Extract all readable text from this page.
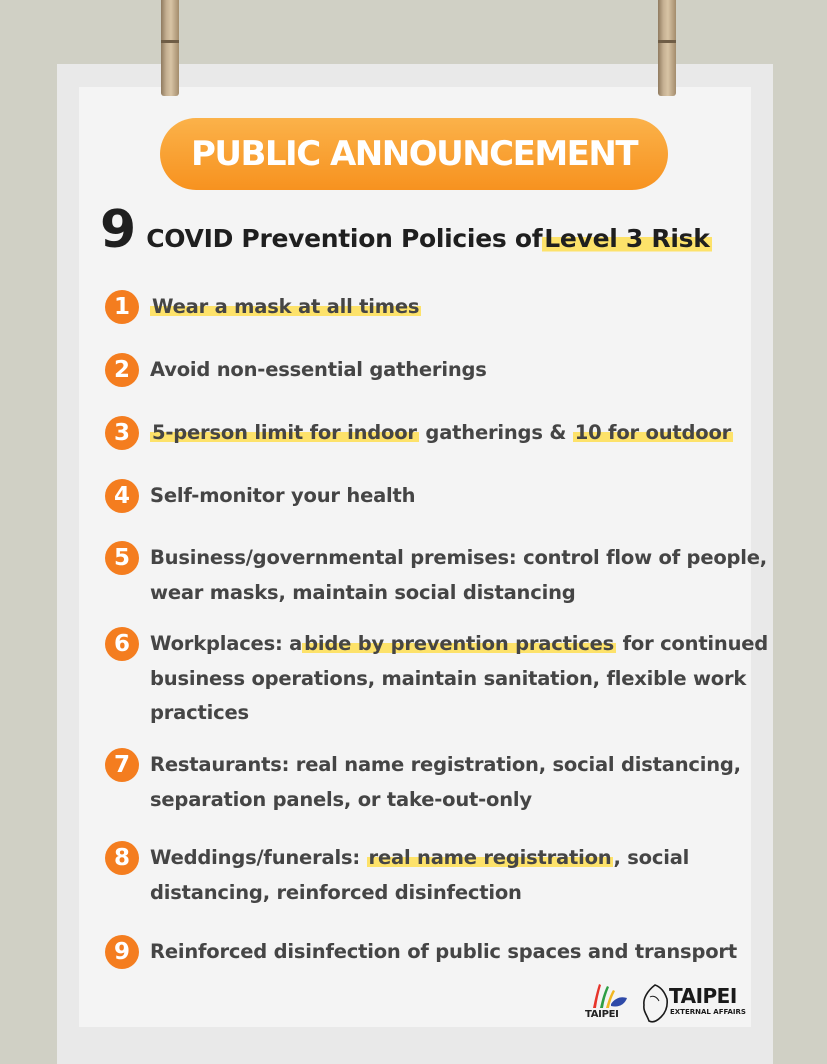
PUBLIC ANNOUNCEMENT
9 COVID Prevention Policies of Level 3 Risk
1	Wear a mask at all times
2	Avoid non-essential gatherings
3	5-person limit for indoor gatherings & 10 for outdoor
4	Self-monitor your health
5	Business/governmental premises: control flow of people,
wear masks, maintain social distancing
6	Workplaces: a bide by prevention practices for continued
business operations, maintain sanitation, flexible work
practices
7	Restaurants: real name registration, social distancing,
separation panels, or take-out-only
8	Weddings/funerals: real name registration , social
distancing, reinforced disinfection
9	Reinforced disinfection of public spaces and transport
TAIPEI
TAIPEI
EXTERNAL AFFAIRS
